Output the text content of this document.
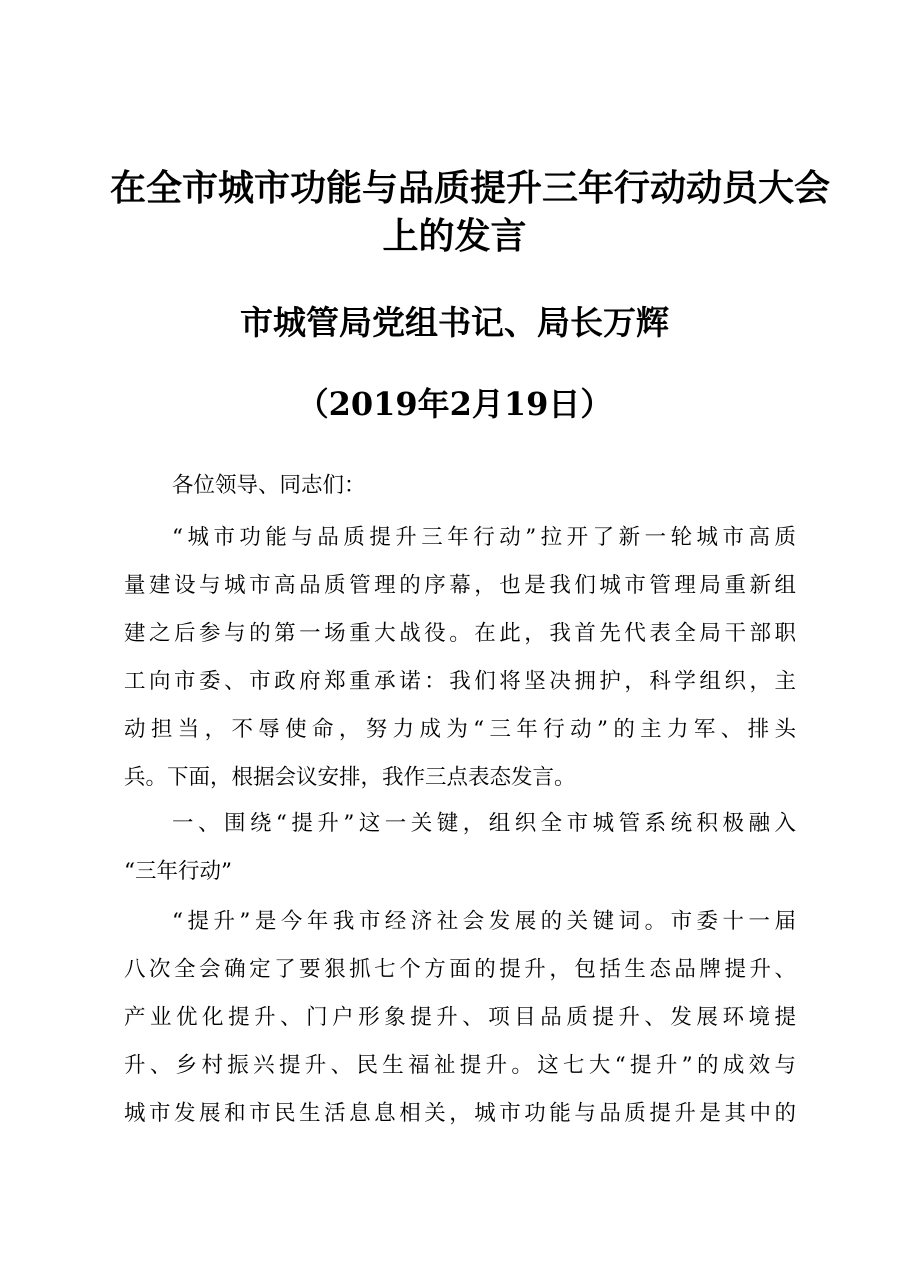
在全市城市功能与品质提升三年行动动员大会
上的发言
市城管局党组书记、局长万辉
（2019年2月19日）
各位领导、同志们：
“城市功能与品质提升三年行动”拉开了新一轮城市高质
量建设与城市高品质管理的序幕，也是我们城市管理局重新组
建之后参与的第一场重大战役。在此，我首先代表全局干部职
工向市委、市政府郑重承诺：我们将坚决拥护，科学组织，主
动担当，不辱使命，努力成为“三年行动”的主力军、排头
兵。下面，根据会议安排，我作三点表态发言。
一、围绕“提升”这一关键，组织全市城管系统积极融入
“三年行动”
“提升”是今年我市经济社会发展的关键词。市委十一届
八次全会确定了要狠抓七个方面的提升，包括生态品牌提升、
产业优化提升、门户形象提升、项目品质提升、发展环境提
升、乡村振兴提升、民生福祉提升。这七大“提升”的成效与
城市发展和市民生活息息相关，城市功能与品质提升是其中的
